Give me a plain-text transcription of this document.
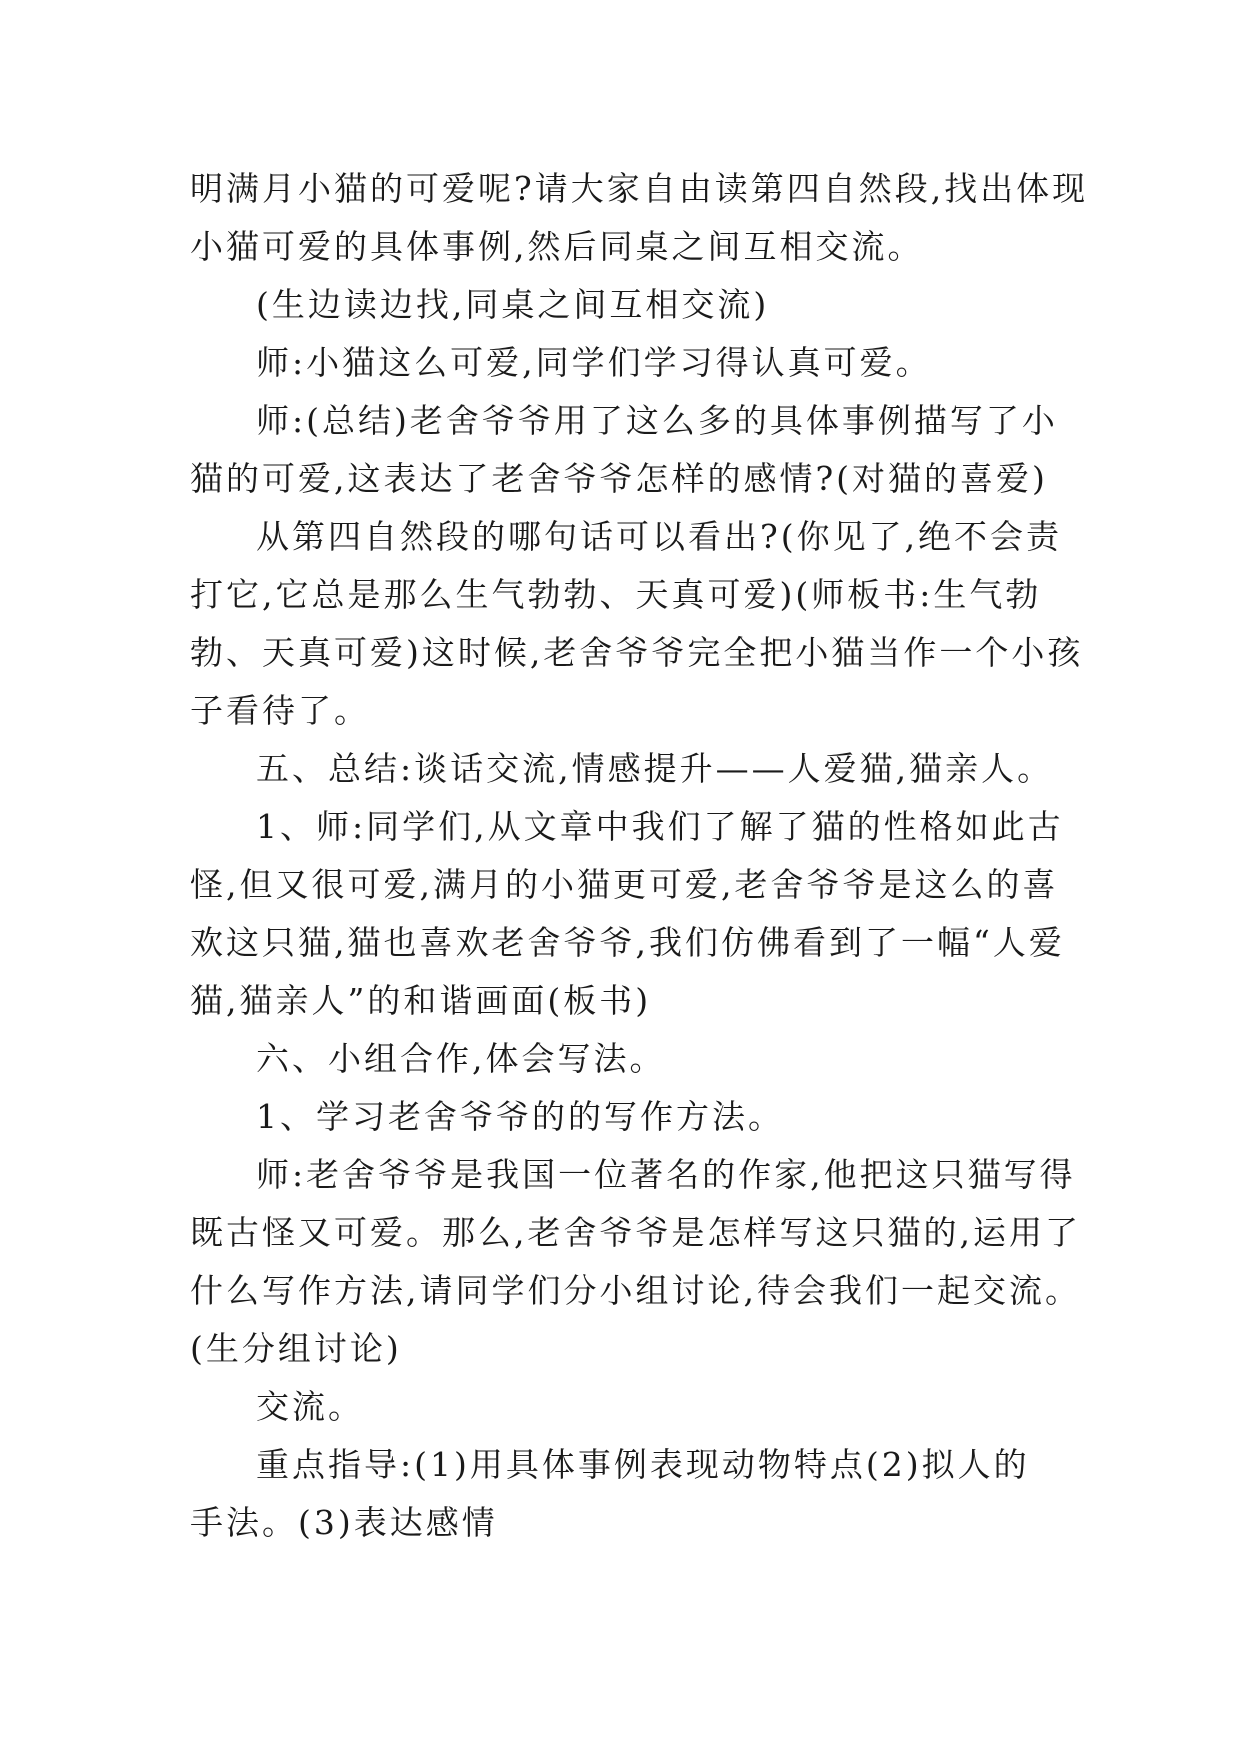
明满月小猫的可爱呢?请大家自由读第四自然段,找出体现
小猫可爱的具体事例,然后同桌之间互相交流。
(生边读边找,同桌之间互相交流)
师:小猫这么可爱,同学们学习得认真可爱。
师:(总结)老舍爷爷用了这么多的具体事例描写了小
猫的可爱,这表达了老舍爷爷怎样的感情?(对猫的喜爱)
从第四自然段的哪句话可以看出?(你见了,绝不会责
打它,它总是那么生气勃勃、天真可爱)(师板书:生气勃
勃、天真可爱)这时候,老舍爷爷完全把小猫当作一个小孩
子看待了。
五、总结:谈话交流,情感提升——人爱猫,猫亲人。
1、师:同学们,从文章中我们了解了猫的性格如此古
怪,但又很可爱,满月的小猫更可爱,老舍爷爷是这么的喜
欢这只猫,猫也喜欢老舍爷爷,我们仿佛看到了一幅“人爱
猫,猫亲人”的和谐画面(板书)
六、小组合作,体会写法。
1、学习老舍爷爷的的写作方法。
师:老舍爷爷是我国一位著名的作家,他把这只猫写得
既古怪又可爱。那么,老舍爷爷是怎样写这只猫的,运用了
什么写作方法,请同学们分小组讨论,待会我们一起交流。
(生分组讨论)
交流。
重点指导:(1)用具体事例表现动物特点(2)拟人的
手法。(3)表达感情
